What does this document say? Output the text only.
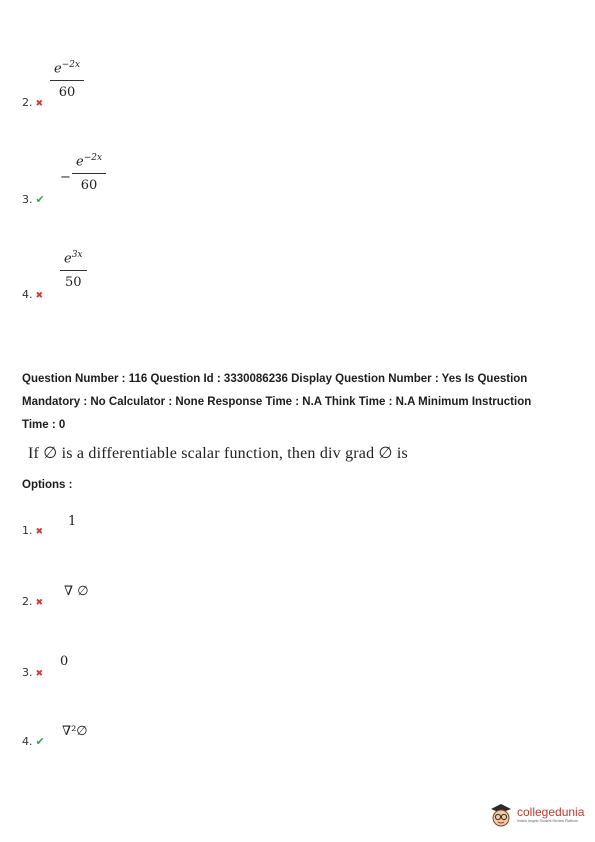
$e^{-2x}$
60
2. ✖
−
$e^{-2x}$
60
3. ✔
$e^{3x}$
50
4. ✖
Question Number : 116 Question Id : 3330086236 Display Question Number : Yes Is Question
Mandatory : No Calculator : None Response Time : N.A Think Time : N.A Minimum Instruction
Time : 0
If ∅ is a differentiable scalar function, then div grad ∅ is
Options :
1
1. ✖
∇ ∅
2. ✖
0
3. ✖
∇²∅
4. ✔
collegedunia
India's largest Student Review Platform
